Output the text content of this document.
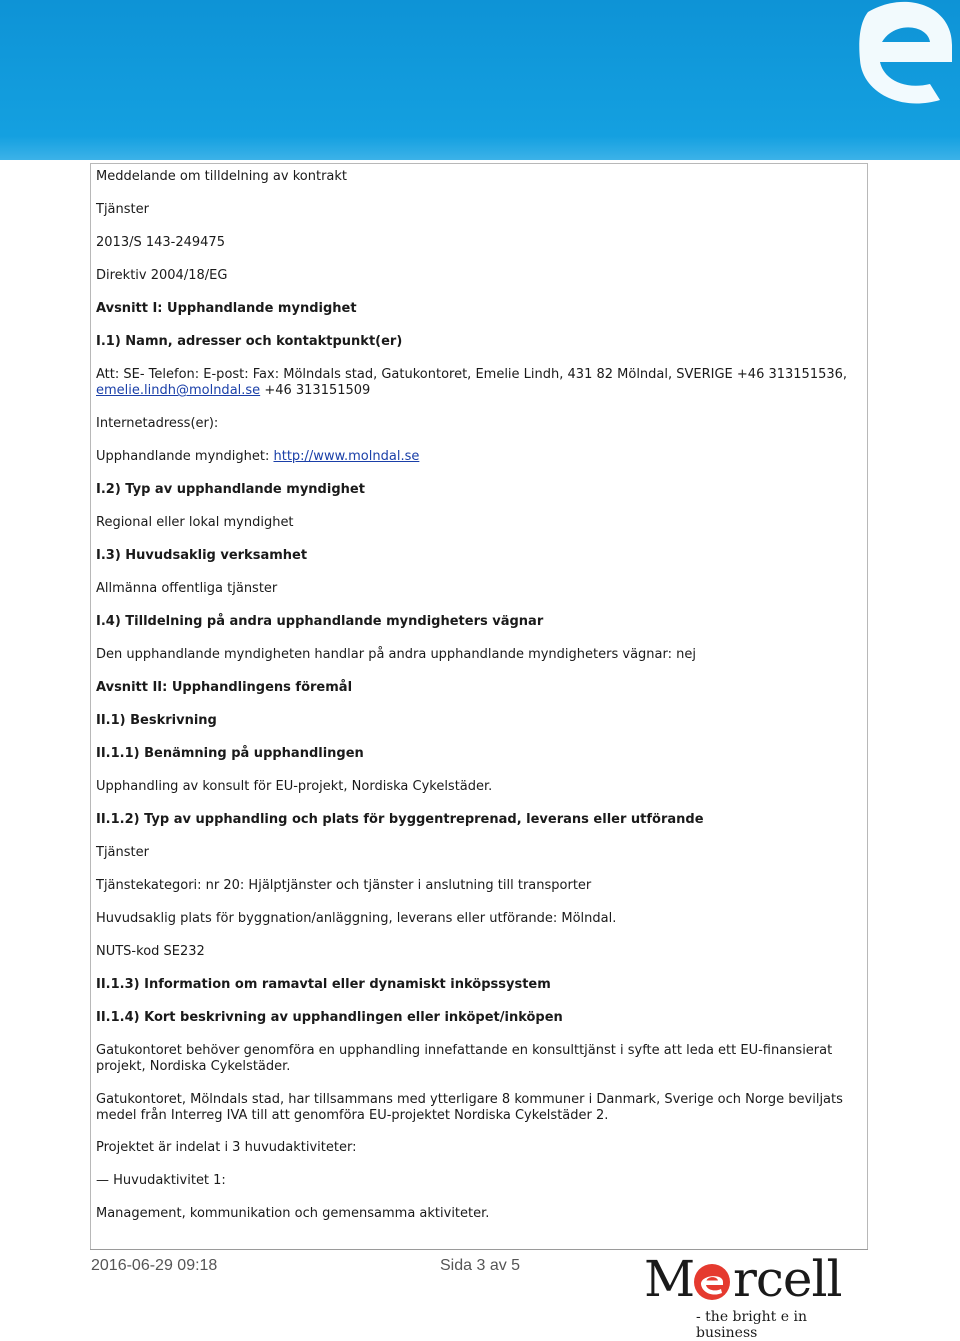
Meddelande om tilldelning av kontrakt
Tjänster
2013/S 143-249475
Direktiv 2004/18/EG
Avsnitt I: Upphandlande myndighet
I.1) Namn, adresser och kontaktpunkt(er)
Att: SE- Telefon: E-post: Fax: Mölndals stad, Gatukontoret, Emelie Lindh, 431 82 Mölndal, SVERIGE +46 313151536,
emelie.lindh@molndal.se +46 313151509
Internetadress(er):
Upphandlande myndighet: http://www.molndal.se
I.2) Typ av upphandlande myndighet
Regional eller lokal myndighet
I.3) Huvudsaklig verksamhet
Allmänna offentliga tjänster
I.4) Tilldelning på andra upphandlande myndigheters vägnar
Den upphandlande myndigheten handlar på andra upphandlande myndigheters vägnar: nej
Avsnitt II: Upphandlingens föremål
II.1) Beskrivning
II.1.1) Benämning på upphandlingen
Upphandling av konsult för EU-projekt, Nordiska Cykelstäder.
II.1.2) Typ av upphandling och plats för byggentreprenad, leverans eller utförande
Tjänster
Tjänstekategori: nr 20: Hjälptjänster och tjänster i anslutning till transporter
Huvudsaklig plats för byggnation/anläggning, leverans eller utförande: Mölndal.
NUTS-kod SE232
II.1.3) Information om ramavtal eller dynamiskt inköpssystem
II.1.4) Kort beskrivning av upphandlingen eller inköpet/inköpen
Gatukontoret behöver genomföra en upphandling innefattande en konsulttjänst i syfte att leda ett EU-finansierat projekt, Nordiska Cykelstäder.
Gatukontoret, Mölndals stad, har tillsammans med ytterligare 8 kommuner i Danmark, Sverige och Norge beviljats medel från Interreg IVA till att genomföra EU-projektet Nordiska Cykelstäder 2.
Projektet är indelat i 3 huvudaktiviteter:
— Huvudaktivitet 1:
Management, kommunikation och gemensamma aktiviteter.
2016-06-29 09:18	Sida 3 av 5 M rcell
- the bright e in business
